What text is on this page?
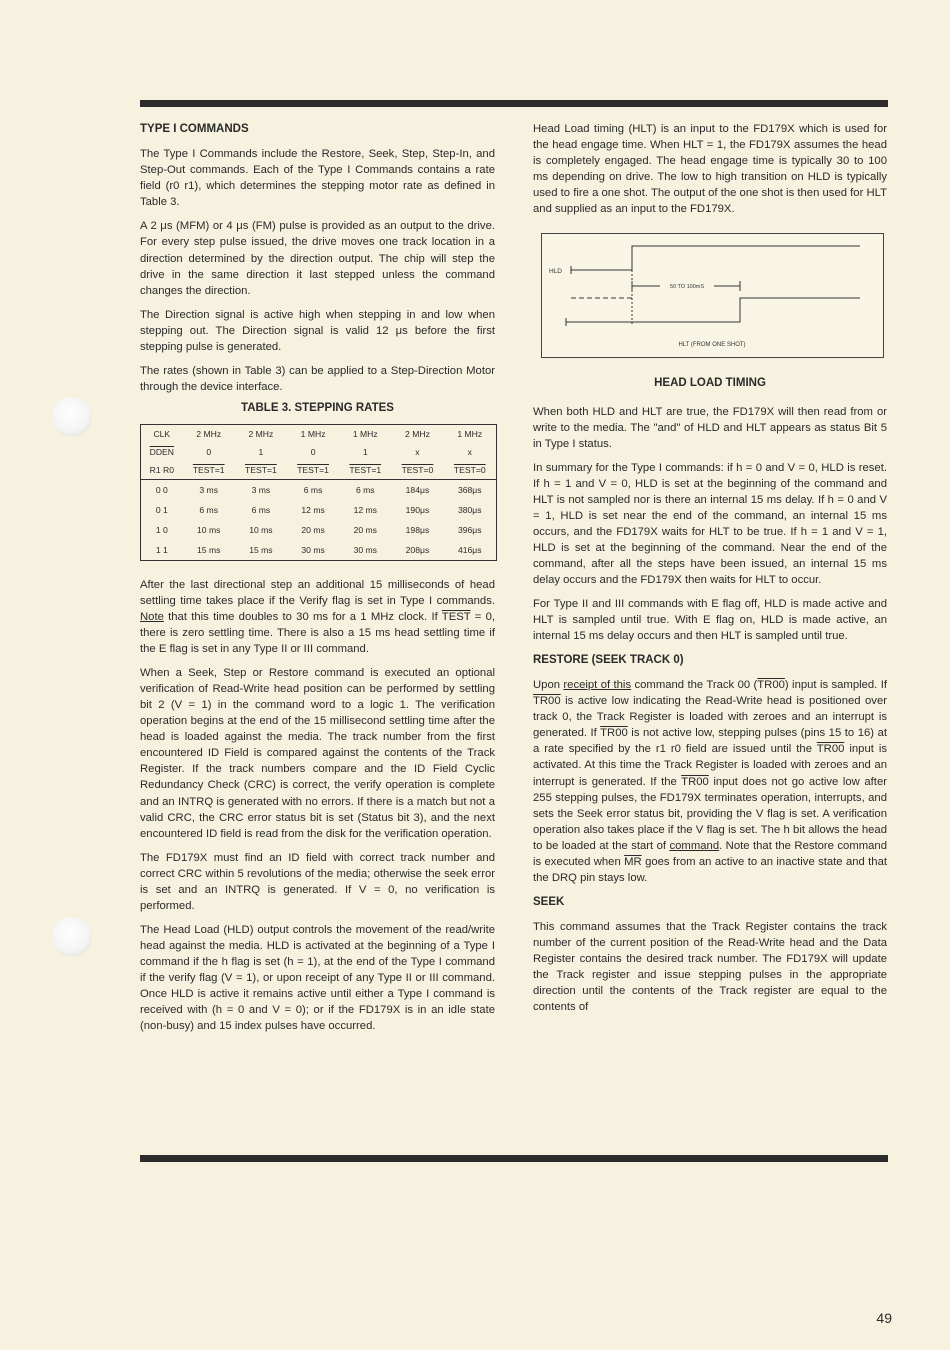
TYPE I COMMANDS

The Type I Commands include the Restore, Seek, Step, Step-In, and Step-Out commands. Each of the Type I Commands contains a rate field (r0 r1), which determines the stepping motor rate as defined in Table 3.

A 2 μs (MFM) or 4 μs (FM) pulse is provided as an output to the drive. For every step pulse issued, the drive moves one track location in a direction determined by the direction output. The chip will step the drive in the same direction it last stepped unless the command changes the direction.

The Direction signal is active high when stepping in and low when stepping out. The Direction signal is valid 12 μs before the first stepping pulse is generated.

The rates (shown in Table 3) can be applied to a Step-Direction Motor through the device interface.

TABLE 3. STEPPING RATES
CLK	2 MHz	2 MHz	1 MHz	1 MHz	2 MHz	1 MHz
DDEN	0	1	0	1	x	x
R1 R0	TEST=1	TEST=1	TEST=1	TEST=1	TEST=0	TEST=0
0 0	3 ms	3 ms	6 ms	6 ms	184μs	368μs
0 1	6 ms	6 ms	12 ms	12 ms	190μs	380μs
1 0	10 ms	10 ms	20 ms	20 ms	198μs	396μs
1 1	15 ms	15 ms	30 ms	30 ms	208μs	416μs

After the last directional step an additional 15 milliseconds of head settling time takes place if the Verify flag is set in Type I commands. Note that this time doubles to 30 ms for a 1 MHz clock. If TEST = 0, there is zero settling time. There is also a 15 ms head settling time if the E flag is set in any Type II or III command.

When a Seek, Step or Restore command is executed an optional verification of Read-Write head position can be performed by settling bit 2 (V = 1) in the command word to a logic 1. The verification operation begins at the end of the 15 millisecond settling time after the head is loaded against the media. The track number from the first encountered ID Field is compared against the contents of the Track Register. If the track numbers compare and the ID Field Cyclic Redundancy Check (CRC) is correct, the verify operation is complete and an INTRQ is generated with no errors. If there is a match but not a valid CRC, the CRC error status bit is set (Status bit 3), and the next encountered ID field is read from the disk for the verification operation.

The FD179X must find an ID field with correct track number and correct CRC within 5 revolutions of the media; otherwise the seek error is set and an INTRQ is generated. If V = 0, no verification is performed.

The Head Load (HLD) output controls the movement of the read/write head against the media. HLD is activated at the beginning of a Type I command if the h flag is set (h = 1), at the end of the Type I command if the verify flag (V = 1), or upon receipt of any Type II or III command. Once HLD is active it remains active until either a Type I command is received with (h = 0 and V = 0); or if the FD179X is in an idle state (non-busy) and 15 index pulses have occurred.

Head Load timing (HLT) is an input to the FD179X which is used for the head engage time. When HLT = 1, the FD179X assumes the head is completely engaged. The head engage time is typically 30 to 100 ms depending on drive. The low to high transition on HLD is typically used to fire a one shot. The output of the one shot is then used for HLT and supplied as an input to the FD179X.

HLD
50 TO 100mS
HLT (FROM ONE SHOT)
HEAD LOAD TIMING

When both HLD and HLT are true, the FD179X will then read from or write to the media. The "and" of HLD and HLT appears as status Bit 5 in Type I status.

In summary for the Type I commands: if h = 0 and V = 0, HLD is reset. If h = 1 and V = 0, HLD is set at the beginning of the command and HLT is not sampled nor is there an internal 15 ms delay. If h = 0 and V = 1, HLD is set near the end of the command, an internal 15 ms occurs, and the FD179X waits for HLT to be true. If h = 1 and V = 1, HLD is set at the beginning of the command. Near the end of the command, after all the steps have been issued, an internal 15 ms delay occurs and the FD179X then waits for HLT to occur.

For Type II and III commands with E flag off, HLD is made active and HLT is sampled until true. With E flag on, HLD is made active, an internal 15 ms delay occurs and then HLT is sampled until true.

RESTORE (SEEK TRACK 0)

Upon receipt of this command the Track 00 (TR00) input is sampled. If TR00 is active low indicating the Read-Write head is positioned over track 0, the Track Register is loaded with zeroes and an interrupt is generated. If TR00 is not active low, stepping pulses (pins 15 to 16) at a rate specified by the r1 r0 field are issued until the TR00 input is activated. At this time the Track Register is loaded with zeroes and an interrupt is generated. If the TR00 input does not go active low after 255 stepping pulses, the FD179X terminates operation, interrupts, and sets the Seek error status bit, providing the V flag is set. A verification operation also takes place if the V flag is set. The h bit allows the head to be loaded at the start of command. Note that the Restore command is executed when $\overline{MR}$ goes from an active to an inactive state and that the DRQ pin stays low.

SEEK

This command assumes that the Track Register contains the track number of the current position of the Read-Write head and the Data Register contains the desired track number. The FD179X will update the Track register and issue stepping pulses in the appropriate direction until the contents of the Track register are equal to the contents of

49
